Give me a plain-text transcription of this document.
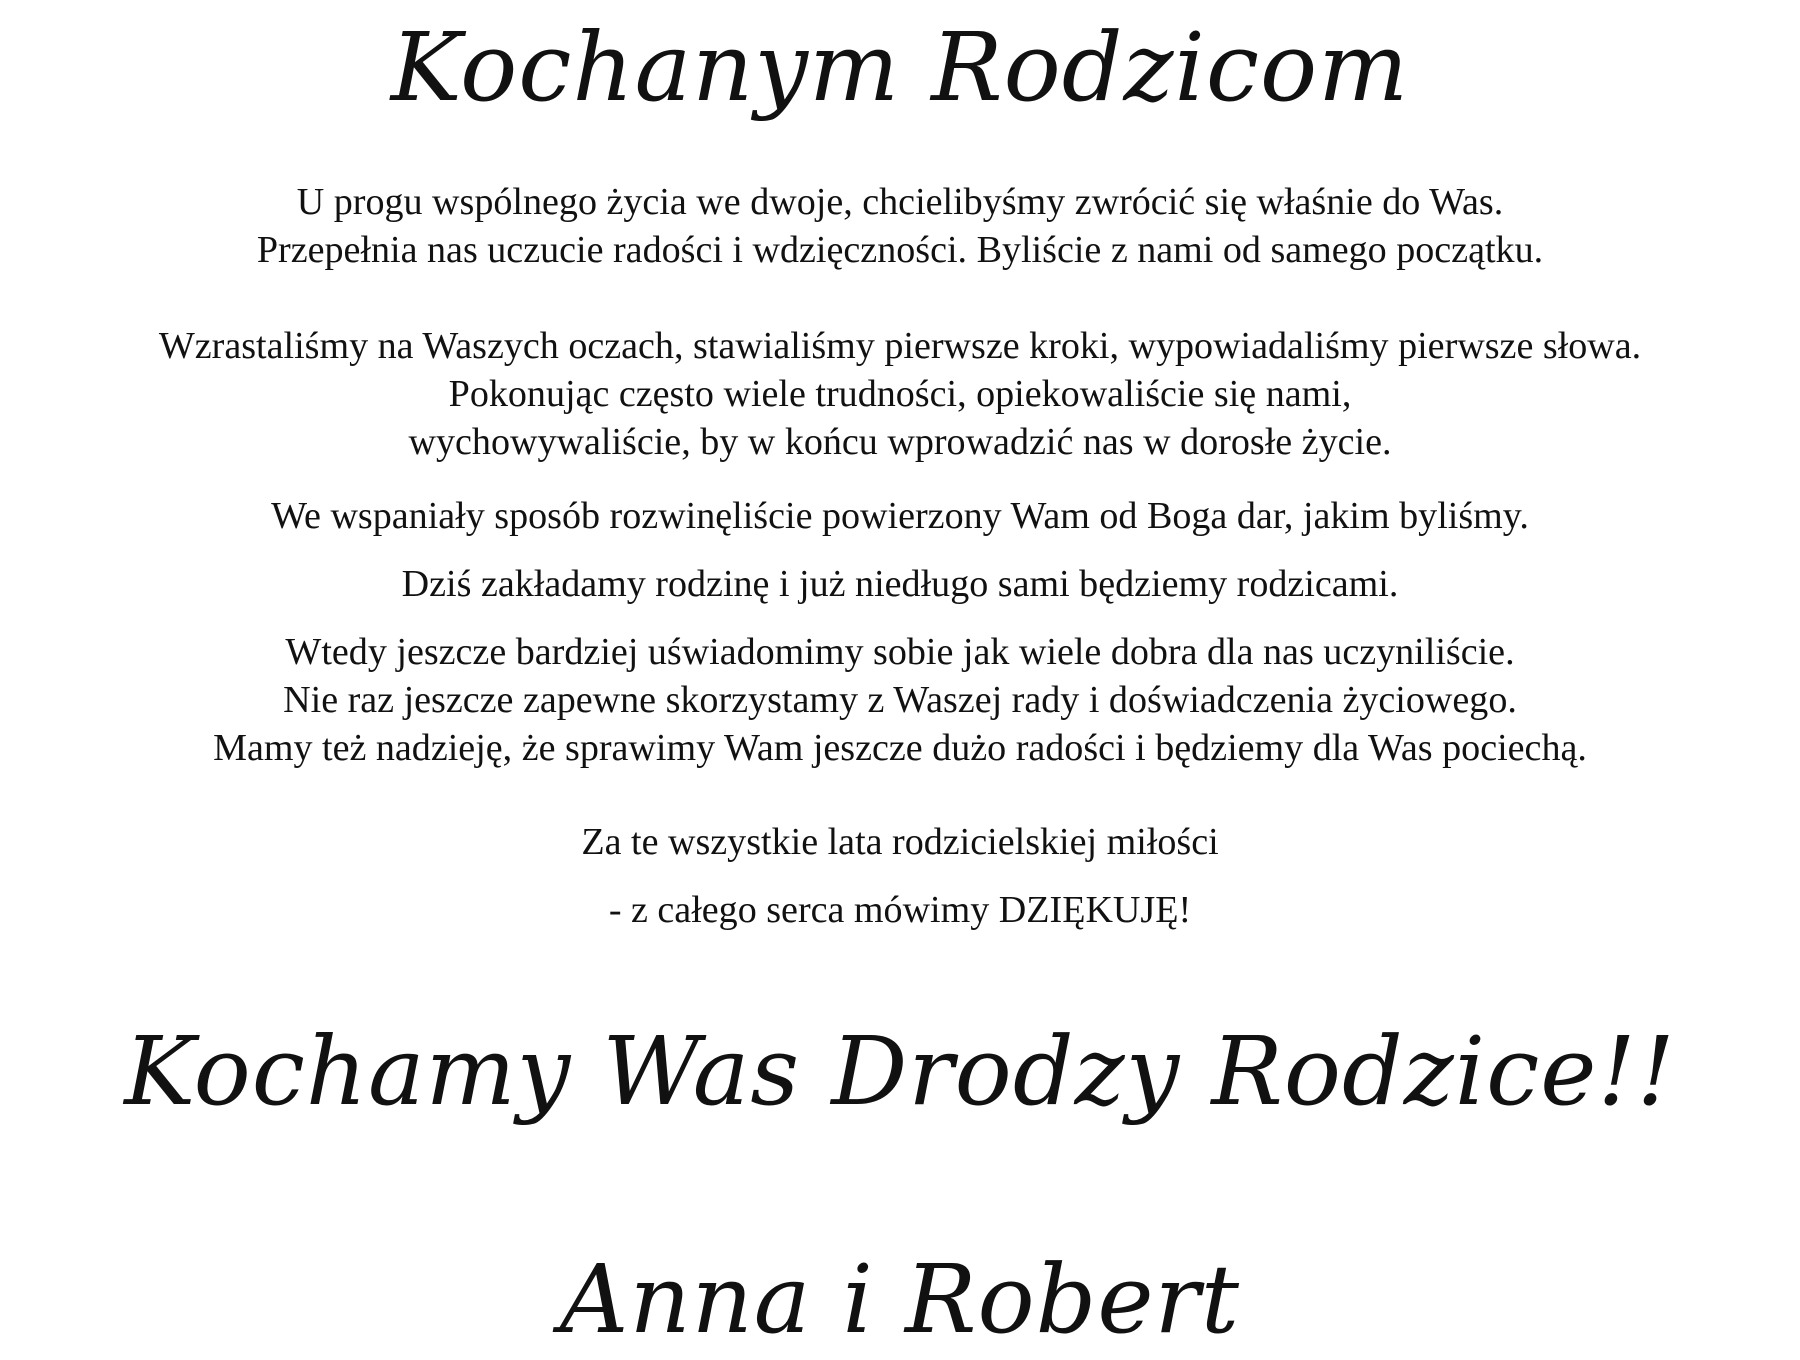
Kochanym Rodzicom
U progu wspólnego życia we dwoje, chcielibyśmy zwrócić się właśnie do Was.
Przepełnia nas uczucie radości i wdzięczności. Byliście z nami od samego początku.
Wzrastaliśmy na Waszych oczach, stawialiśmy pierwsze kroki, wypowiadaliśmy pierwsze słowa.
Pokonując często wiele trudności, opiekowaliście się nami,
wychowywaliście, by w końcu wprowadzić nas w dorosłe życie.
We wspaniały sposób rozwinęliście powierzony Wam od Boga dar, jakim byliśmy.
Dziś zakładamy rodzinę i już niedługo sami będziemy rodzicami.
Wtedy jeszcze bardziej uświadomimy sobie jak wiele dobra dla nas uczyniliście.
Nie raz jeszcze zapewne skorzystamy z Waszej rady i doświadczenia życiowego.
Mamy też nadzieję, że sprawimy Wam jeszcze dużo radości i będziemy dla Was pociechą.
Za te wszystkie lata rodzicielskiej miłości
- z całego serca mówimy DZIĘKUJĘ!
Kochamy Was Drodzy Rodzice!!
Anna i Robert
